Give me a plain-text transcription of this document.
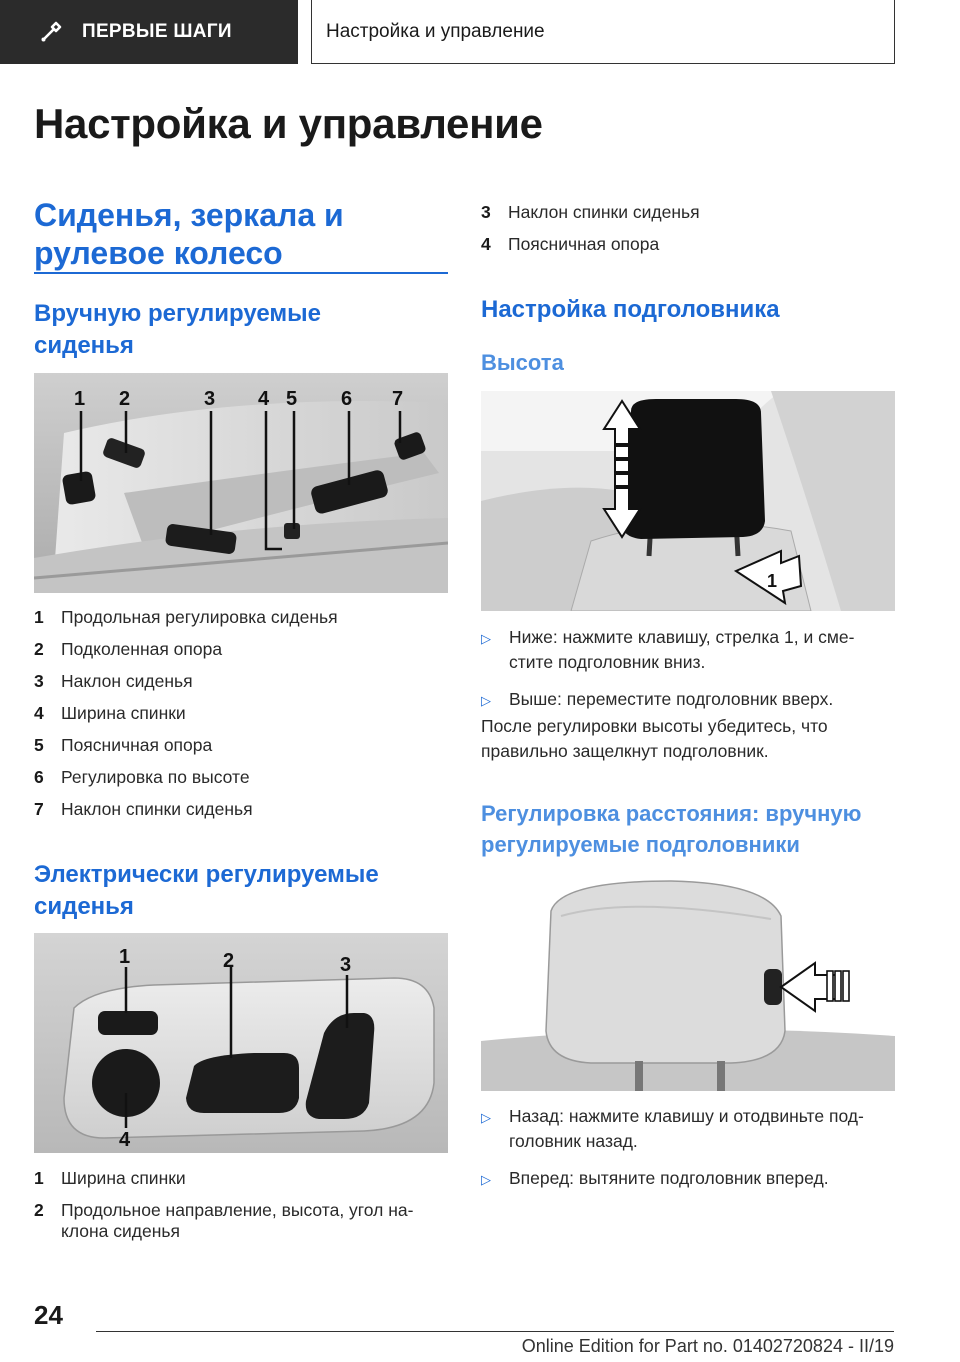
ПЕРВЫЕ ШАГИ	Настройка и управление
Настройка и управление
Сиденья, зеркала и
рулевое колесо
Вручную регулируемые
сиденья
1 2	3 4 5 6 7
1 Продольная регулировка сиденья
2 Подколенная опора
3 Наклон сиденья
4 Ширина спинки
5 Поясничная опора
6 Регулировка по высоте
7 Наклон спинки сиденья
Электрически регулируемые
сиденья
1	2	3
4
1 Ширина спинки
2 Продольное направление, высота, угол на-
клона сиденья
3 Наклон спинки сиденья
4 Поясничная опора
Настройка подголовника
Высота
1
▷	Ниже: нажмите клавишу, стрелка 1, и сме-
стите подголовник вниз.
▷	Выше: переместите подголовник вверх.
После регулировки высоты убедитесь, что
правильно защелкнут подголовник.
Регулировка расстояния: вручную
регулируемые подголовники
▷	Назад: нажмите клавишу и отодвиньте под-
головник назад.
▷	Вперед: вытяните подголовник вперед.
24
Online Edition for Part no. 01402720824 - II/19
